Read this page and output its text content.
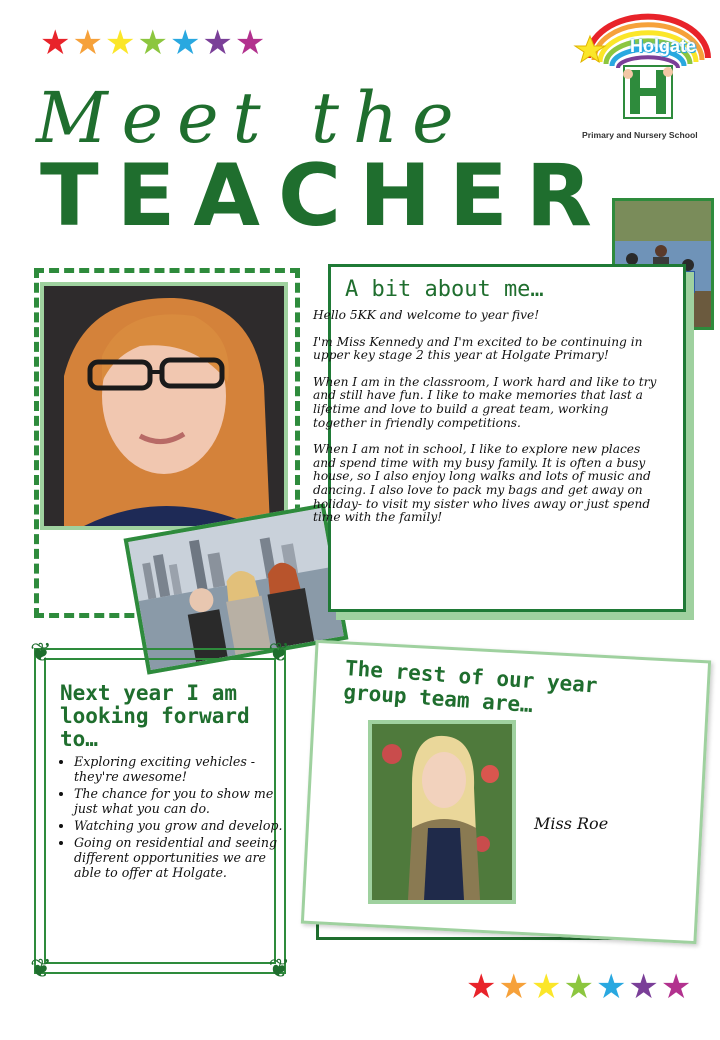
★ ★ ★ ★ ★ ★ ★	Holgate
Primary and Nursery School
Meet the
TEACHER
A bit about me…

Hello 5KK and welcome to year five!

I'm Miss Kennedy and I'm excited to be continuing in upper key stage 2 this year at Holgate Primary!

When I am in the classroom, I work hard and like to try and still have fun. I like to make memories that last a lifetime and love to build a great team, working together in friendly competitions.

When I am not in school, I like to explore new places and spend time with my busy family. It is often a busy house, so I also enjoy long walks and lots of music and dancing. I also love to pack my bags and get away on holiday- to visit my sister who lives away or just spend time with the family!

❦	❦
❦	❦
Next year I am looking forward to…
• Exploring exciting vehicles - they're awesome!
• The chance for you to show me just what you can do.
• Watching you grow and develop.
• Going on residential and seeing different opportunities we are able to offer at Holgate.
The rest of our year group team are…
Miss Roe
★ ★ ★ ★ ★ ★ ★
